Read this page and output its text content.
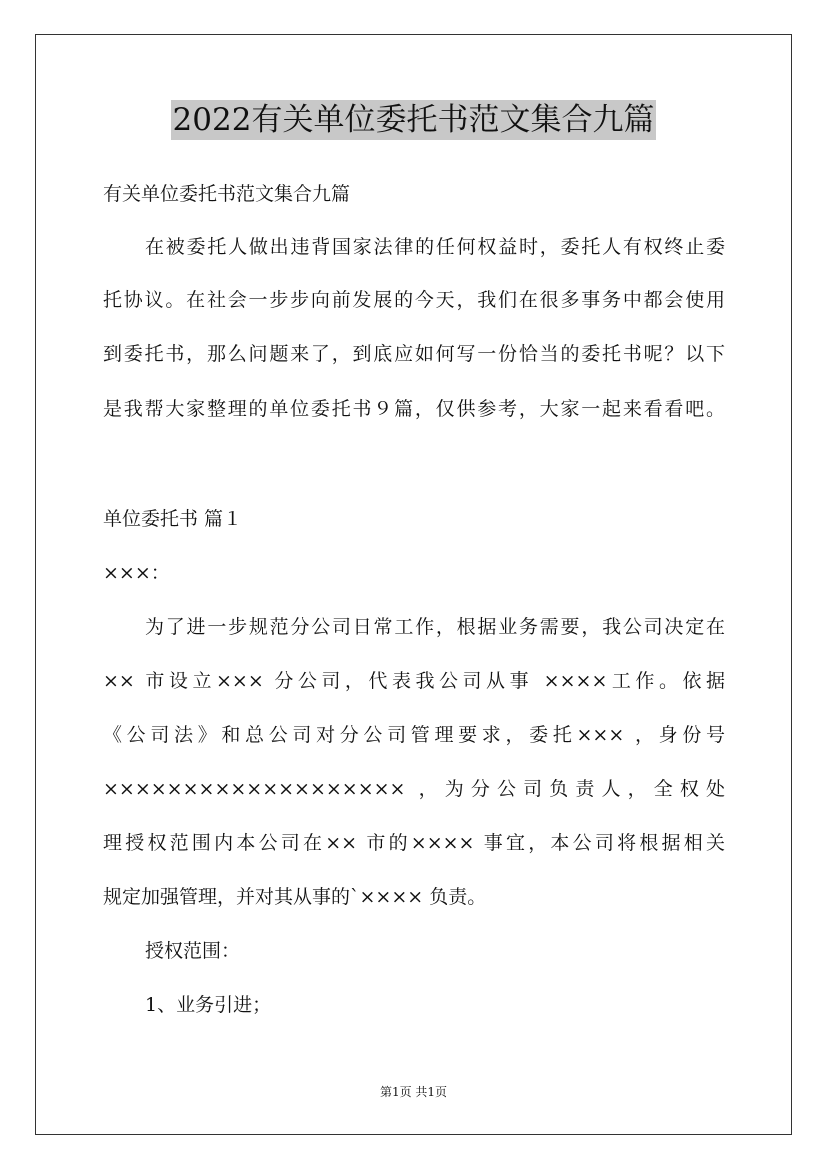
2022有关单位委托书范文集合九篇
有关单位委托书范文集合九篇
在被委托人做出违背国家法律的任何权益时，委托人有权终止委
托协议。在社会一步步向前发展的今天，我们在很多事务中都会使用
到委托书，那么问题来了，到底应如何写一份恰当的委托书呢？以下
是我帮大家整理的单位委托书９篇，仅供参考，大家一起来看看吧。
单位委托书 篇１
×××：
为了进一步规范分公司日常工作，根据业务需要，我公司决定在
×× 市设立××× 分公司，代表我公司从事 ××××工作。依据
《公司法》和总公司对分公司管理要求，委托××× ，身份号
××××××××××××××××××× ，为分公司负责人，全权处
理授权范围内本公司在×× 市的×××× 事宜，本公司将根据相关
规定加强管理，并对其从事的`×××× 负责。
授权范围：
1、业务引进；
第1页 共1页
